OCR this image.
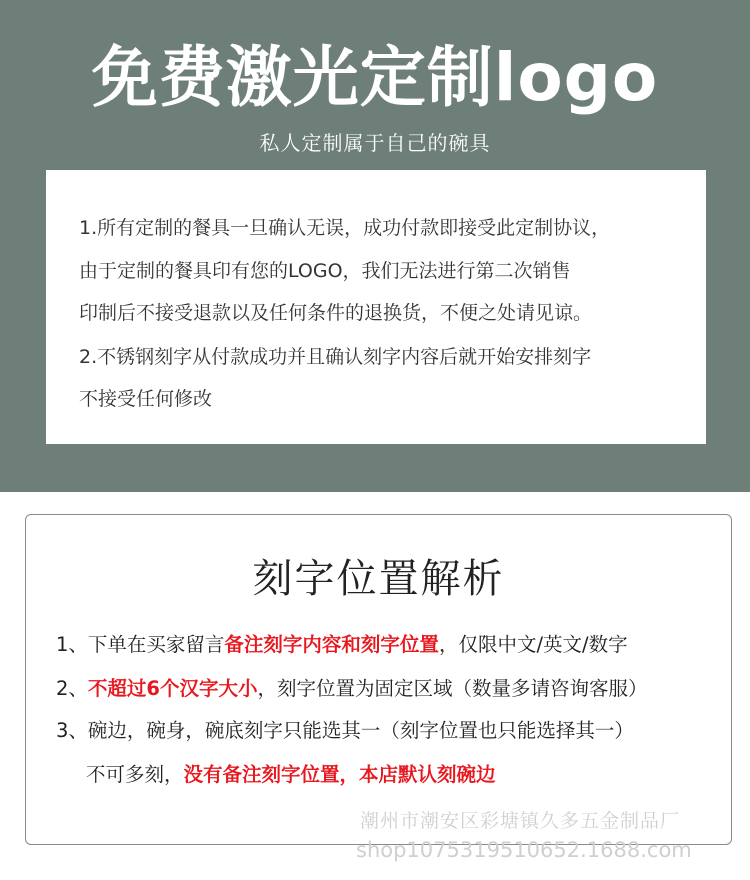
免费激光定制logo
私人定制属于自己的碗具
1.所有定制的餐具一旦确认无误，成功付款即接受此定制协议，
由于定制的餐具印有您的LOGO，我们无法进行第二次销售
印制后不接受退款以及任何条件的退换货，不便之处请见谅。
2.不锈钢刻字从付款成功并且确认刻字内容后就开始安排刻字
不接受任何修改
刻字位置解析
1、下单在买家留言备注刻字内容和刻字位置，仅限中文/英文/数字
2、不超过6个汉字大小，刻字位置为固定区域（数量多请咨询客服）
3、碗边，碗身，碗底刻字只能选其一（刻字位置也只能选择其一）
不可多刻，没有备注刻字位置，本店默认刻碗边
潮州市潮安区彩塘镇久多五金制品厂
shop1075319510652.1688.com
